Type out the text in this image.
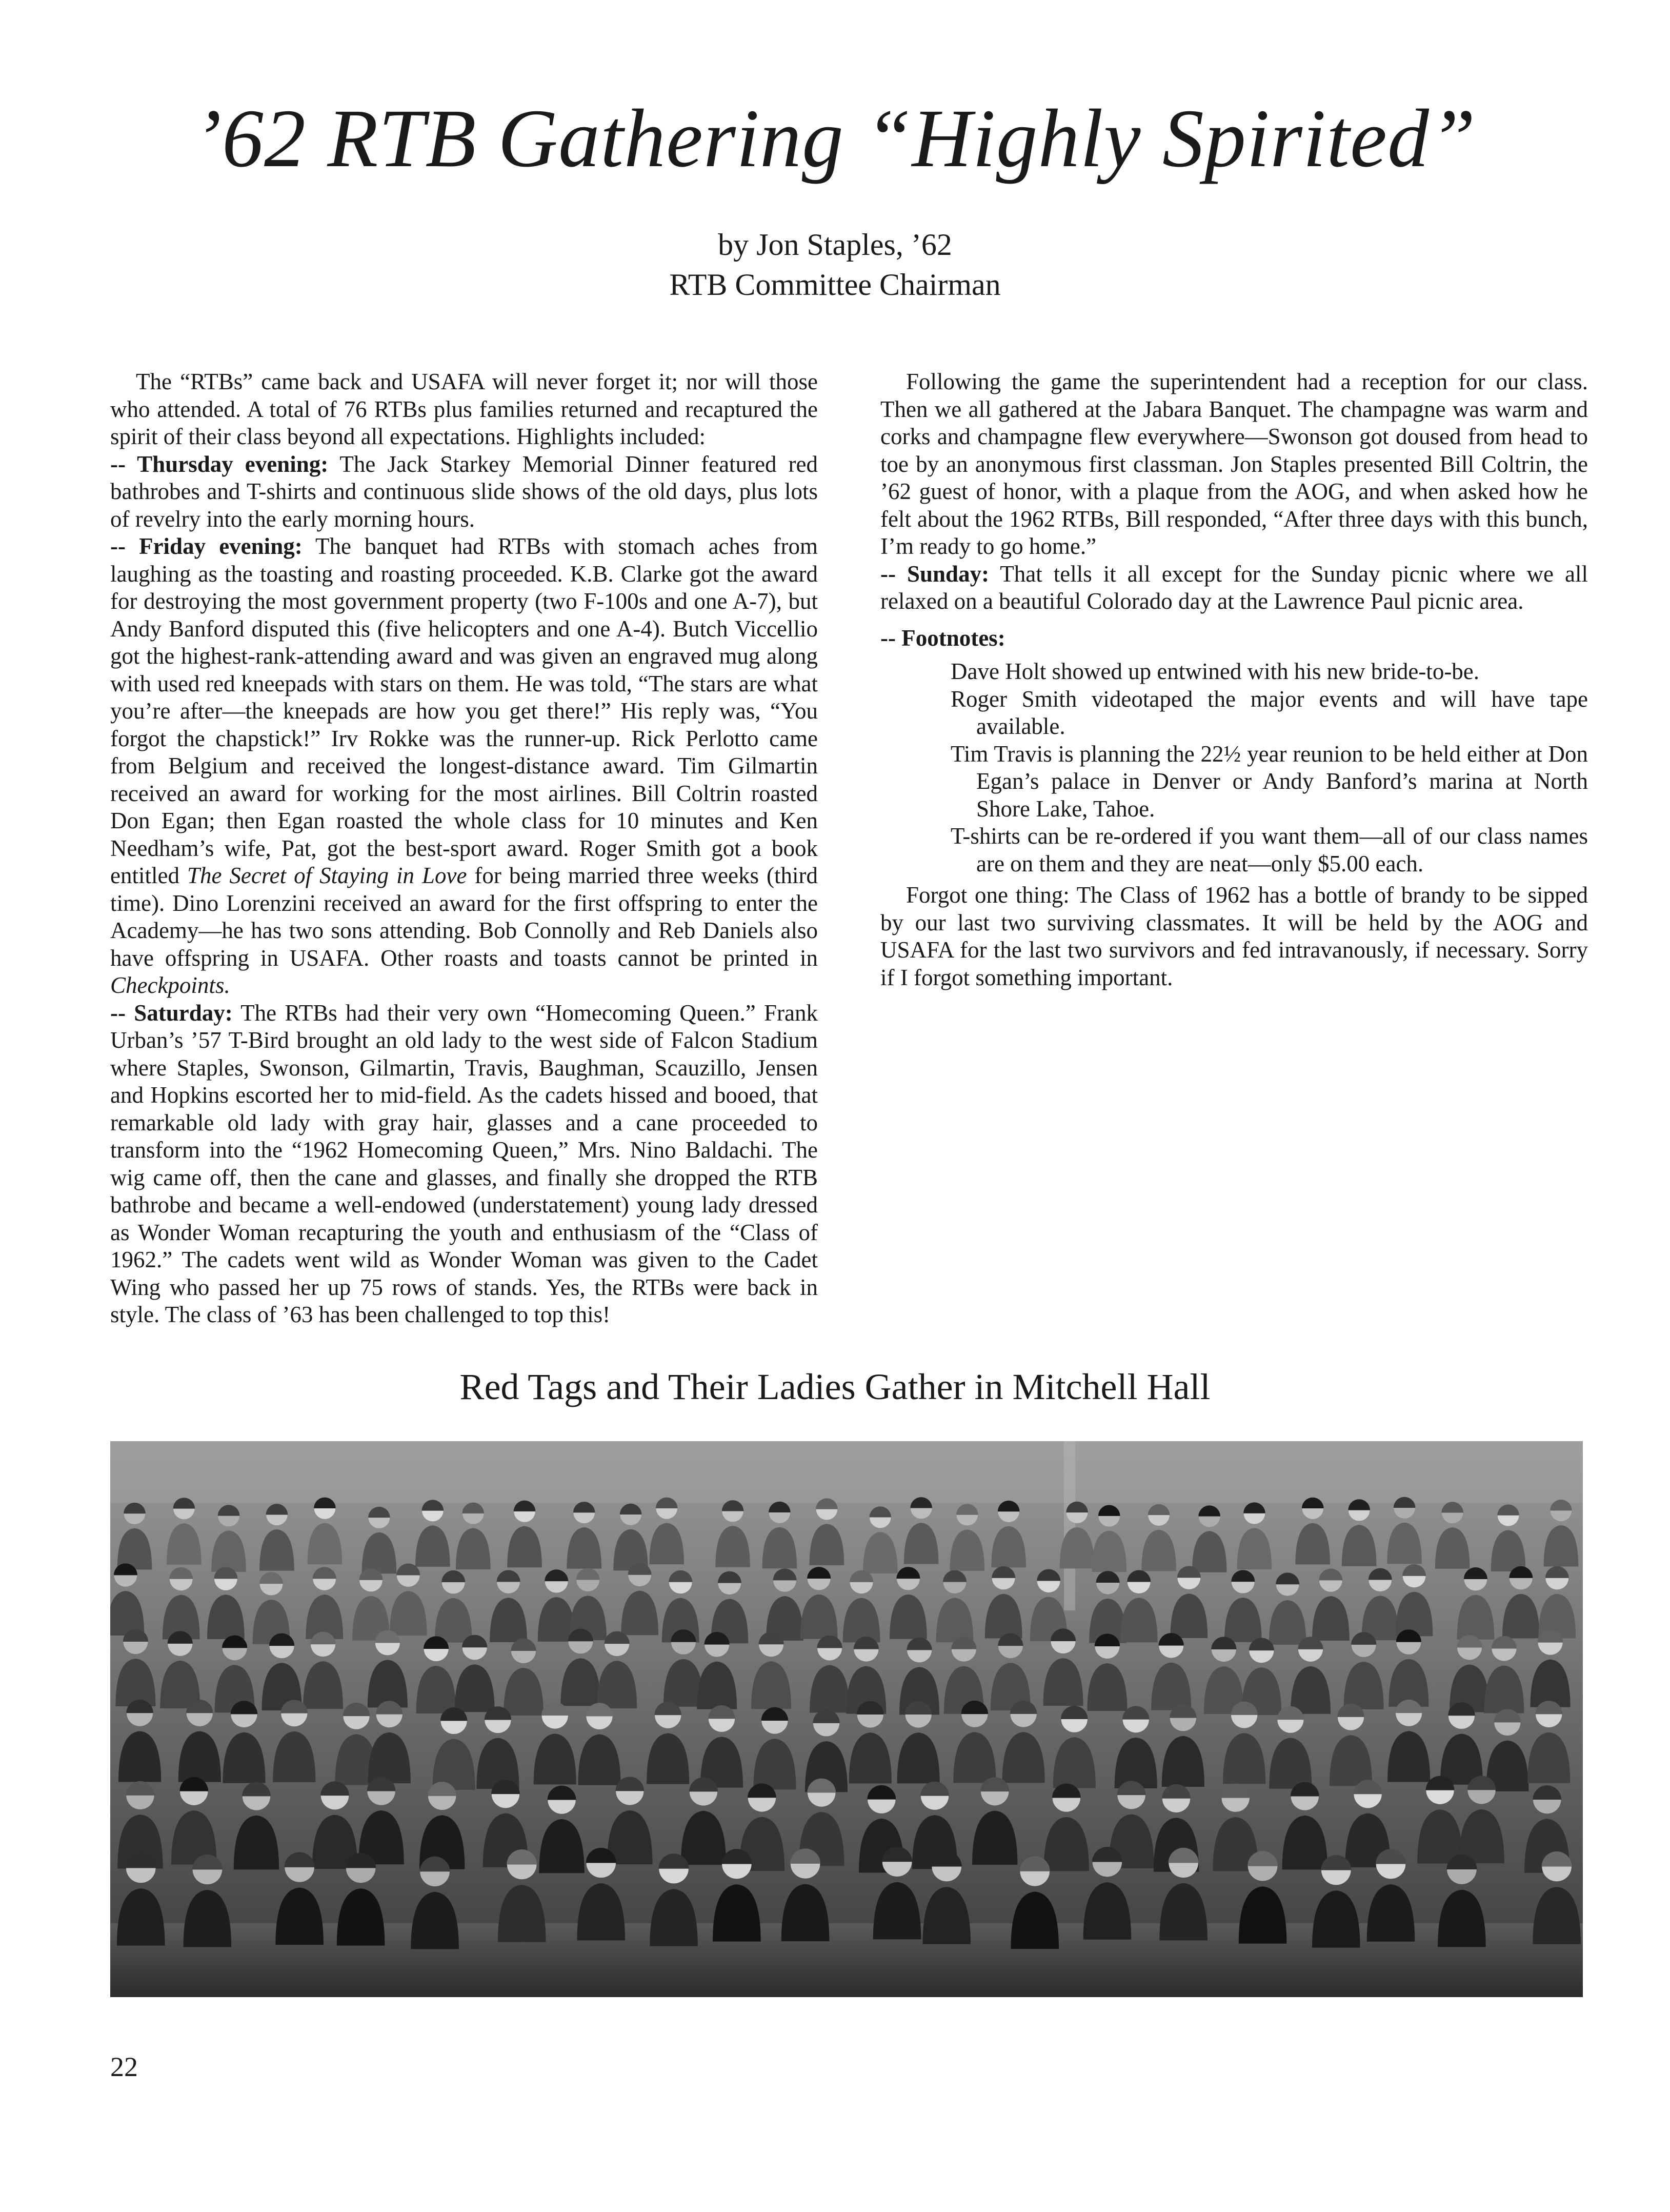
’62 RTB Gathering “Highly Spirited”
by Jon Staples, ’62
RTB Committee Chairman

The “RTBs” came back and USAFA will never forget it; nor will those who attended. A total of 76 RTBs plus families returned and recaptured the spirit of their class beyond all expectations. Highlights included:

-- Thursday evening: The Jack Starkey Memorial Dinner featured red bathrobes and T-shirts and continuous slide shows of the old days, plus lots of revelry into the early morning hours.

-- Friday evening: The banquet had RTBs with stomach aches from laughing as the toasting and roasting proceeded. K.B. Clarke got the award for destroying the most government property (two F-100s and one A-7), but Andy Banford disputed this (five helicopters and one A-4). Butch Viccellio got the highest-rank-attending award and was given an engraved mug along with used red kneepads with stars on them. He was told, “The stars are what you’re after—the kneepads are how you get there!” His reply was, “You forgot the chapstick!” Irv Rokke was the runner-up. Rick Perlotto came from Belgium and received the longest-distance award. Tim Gilmartin received an award for working for the most airlines. Bill Coltrin roasted Don Egan; then Egan roasted the whole class for 10 minutes and Ken Needham’s wife, Pat, got the best-sport award. Roger Smith got a book entitled The Secret of Staying in Love for being married three weeks (third time). Dino Lorenzini received an award for the first offspring to enter the Academy—he has two sons attending. Bob Connolly and Reb Daniels also have offspring in USAFA. Other roasts and toasts cannot be printed in Checkpoints.

-- Saturday: The RTBs had their very own “Homecoming Queen.” Frank Urban’s ’57 T-Bird brought an old lady to the west side of Falcon Stadium where Staples, Swonson, Gilmartin, Travis, Baughman, Scauzillo, Jensen and Hopkins escorted her to mid-field. As the cadets hissed and booed, that remarkable old lady with gray hair, glasses and a cane proceeded to transform into the “1962 Homecoming Queen,” Mrs. Nino Baldachi. The wig came off, then the cane and glasses, and finally she dropped the RTB bathrobe and became a well-endowed (understatement) young lady dressed as Wonder Woman recapturing the youth and enthusiasm of the “Class of 1962.” The cadets went wild as Wonder Woman was given to the Cadet Wing who passed her up 75 rows of stands. Yes, the RTBs were back in style. The class of ’63 has been challenged to top this!

Following the game the superintendent had a reception for our class. Then we all gathered at the Jabara Banquet. The champagne was warm and corks and champagne flew everywhere—Swonson got doused from head to toe by an anonymous first classman. Jon Staples presented Bill Coltrin, the ’62 guest of honor, with a plaque from the AOG, and when asked how he felt about the 1962 RTBs, Bill responded, “After three days with this bunch, I’m ready to go home.”

-- Sunday: That tells it all except for the Sunday picnic where we all relaxed on a beautiful Colorado day at the Lawrence Paul picnic area.

-- Footnotes:

Dave Holt showed up entwined with his new bride-to-be.
Roger Smith videotaped the major events and will have tape available.
Tim Travis is planning the 22½ year reunion to be held either at Don Egan’s palace in Denver or Andy Banford’s marina at North Shore Lake, Tahoe.
T-shirts can be re-ordered if you want them—all of our class names are on them and they are neat—only $5.00 each.

Forgot one thing: The Class of 1962 has a bottle of brandy to be sipped by our last two surviving classmates. It will be held by the AOG and USAFA for the last two survivors and fed intravanously, if necessary. Sorry if I forgot something important.

Red Tags and Their Ladies Gather in Mitchell Hall
22
